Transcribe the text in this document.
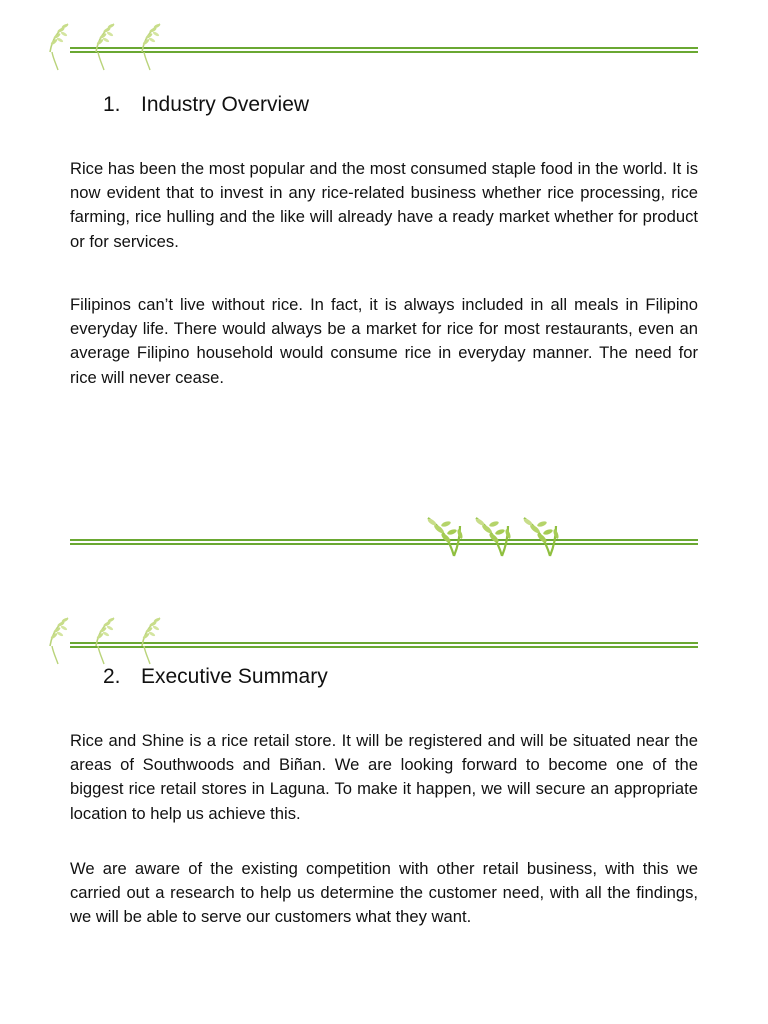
1. Industry Overview

Rice has been the most popular and the most consumed staple food in the world. It is now evident that to invest in any rice-related business whether rice processing, rice farming, rice hulling and the like will already have a ready market whether for product or for services.

Filipinos can’t live without rice. In fact, it is always included in all meals in Filipino everyday life. There would always be a market for rice for most restaurants, even an average Filipino household would consume rice in everyday manner. The need for rice will never cease.

2. Executive Summary

Rice and Shine is a rice retail store. It will be registered and will be situated near the areas of Southwoods and Biñan. We are looking forward to become one of the biggest rice retail stores in Laguna. To make it happen, we will secure an appropriate location to help us achieve this.

We are aware of the existing competition with other retail business, with this we carried out a research to help us determine the customer need, with all the findings, we will be able to serve our customers what they want.
